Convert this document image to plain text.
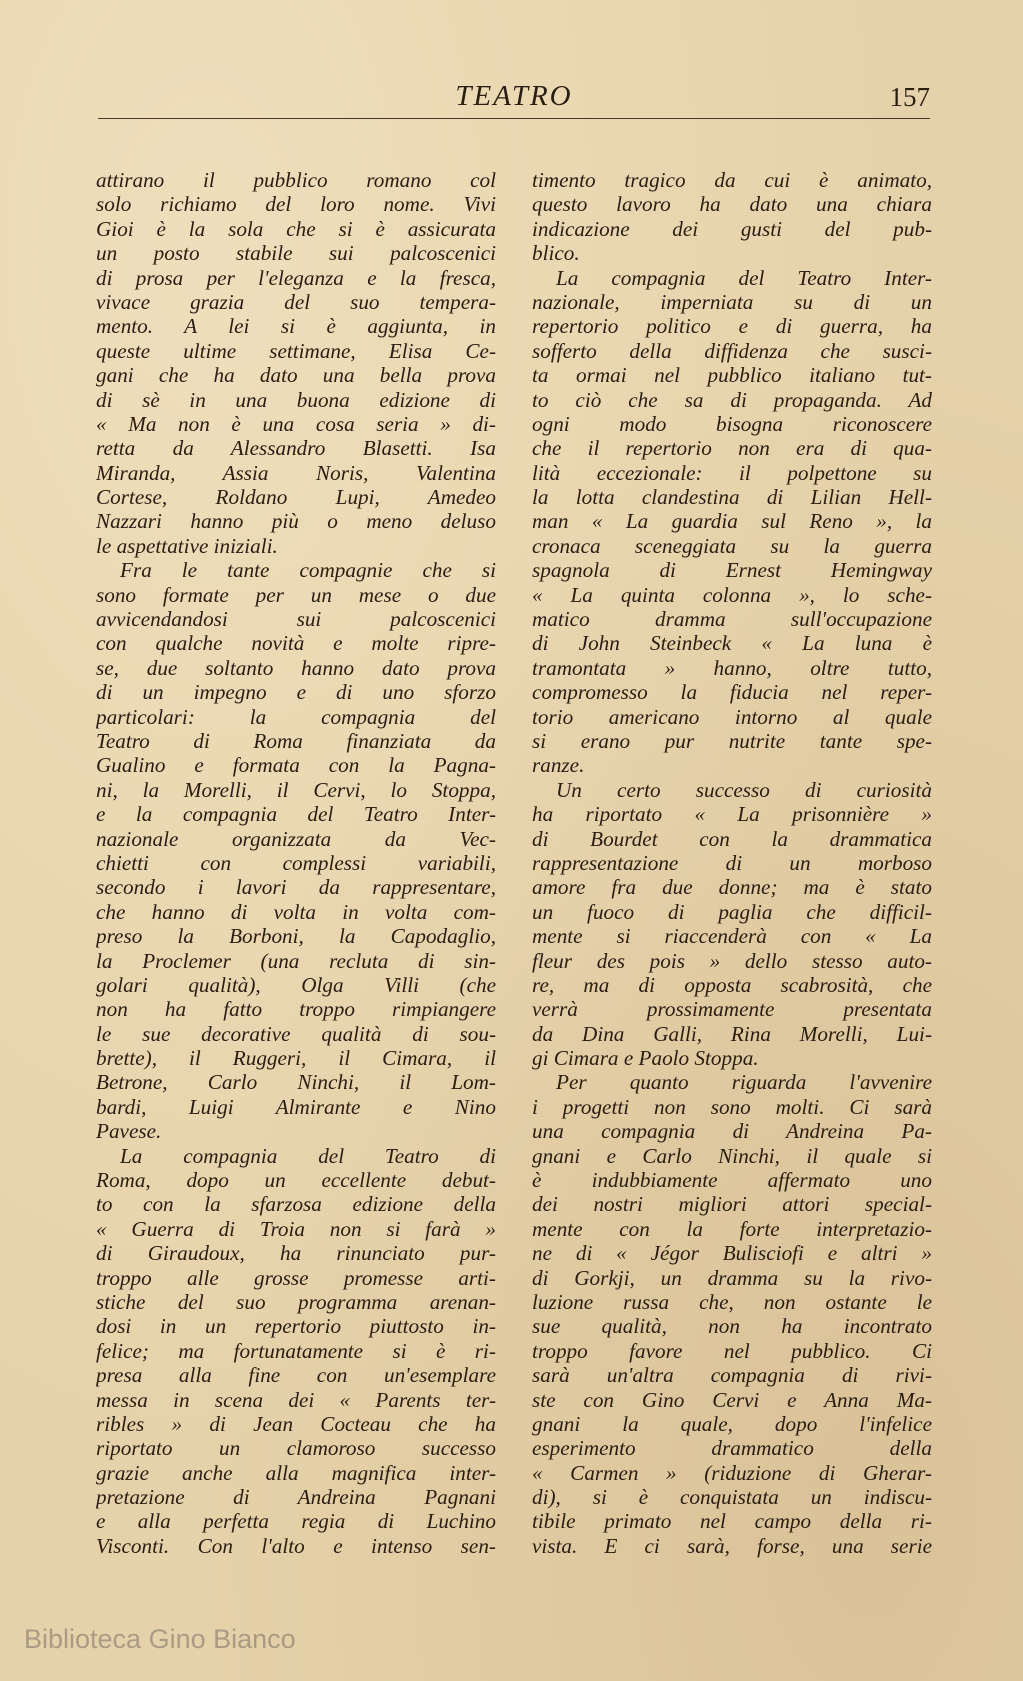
TEATRO	157
attirano il pubblico romano col
solo richiamo del loro nome. Vivi
Gioi è la sola che si è assicurata
un posto stabile sui palcoscenici
di prosa per l'eleganza e la fresca,
vivace grazia del suo tempera-
mento. A lei si è aggiunta, in
queste ultime settimane, Elisa Ce-
gani che ha dato una bella prova
di sè in una buona edizione di
« Ma non è una cosa seria » di-
retta da Alessandro Blasetti. Isa
Miranda, Assia Noris, Valentina
Cortese, Roldano Lupi, Amedeo
Nazzari hanno più o meno deluso
le aspettative iniziali.
Fra le tante compagnie che si
sono formate per un mese o due
avvicendandosi sui palcoscenici
con qualche novità e molte ripre-
se, due soltanto hanno dato prova
di un impegno e di uno sforzo
particolari: la compagnia del
Teatro di Roma finanziata da
Gualino e formata con la Pagna-
ni, la Morelli, il Cervi, lo Stoppa,
e la compagnia del Teatro Inter-
nazionale organizzata da Vec-
chietti con complessi variabili,
secondo i lavori da rappresentare,
che hanno di volta in volta com-
preso la Borboni, la Capodaglio,
la Proclemer (una recluta di sin-
golari qualità), Olga Villi (che
non ha fatto troppo rimpiangere
le sue decorative qualità di sou-
brette), il Ruggeri, il Cimara, il
Betrone, Carlo Ninchi, il Lom-
bardi, Luigi Almirante e Nino
Pavese.
La compagnia del Teatro di
Roma, dopo un eccellente debut-
to con la sfarzosa edizione della
« Guerra di Troia non si farà »
di Giraudoux, ha rinunciato pur-
troppo alle grosse promesse arti-
stiche del suo programma arenan-
dosi in un repertorio piuttosto in-
felice; ma fortunatamente si è ri-
presa alla fine con un'esemplare
messa in scena dei « Parents ter-
ribles » di Jean Cocteau che ha
riportato un clamoroso successo
grazie anche alla magnifica inter-
pretazione di Andreina Pagnani
e alla perfetta regia di Luchino
Visconti. Con l'alto e intenso sen-
timento tragico da cui è animato,
questo lavoro ha dato una chiara
indicazione dei gusti del pub-
blico.
La compagnia del Teatro Inter-
nazionale, imperniata su di un
repertorio politico e di guerra, ha
sofferto della diffidenza che susci-
ta ormai nel pubblico italiano tut-
to ciò che sa di propaganda. Ad
ogni modo bisogna riconoscere
che il repertorio non era di qua-
lità eccezionale: il polpettone su
la lotta clandestina di Lilian Hell-
man « La guardia sul Reno », la
cronaca sceneggiata su la guerra
spagnola di Ernest Hemingway
« La quinta colonna », lo sche-
matico dramma sull'occupazione
di John Steinbeck « La luna è
tramontata » hanno, oltre tutto,
compromesso la fiducia nel reper-
torio americano intorno al quale
si erano pur nutrite tante spe-
ranze.
Un certo successo di curiosità
ha riportato « La prisonnière »
di Bourdet con la drammatica
rappresentazione di un morboso
amore fra due donne; ma è stato
un fuoco di paglia che difficil-
mente si riaccenderà con « La
fleur des pois » dello stesso auto-
re, ma di opposta scabrosità, che
verrà prossimamente presentata
da Dina Galli, Rina Morelli, Lui-
gi Cimara e Paolo Stoppa.
Per quanto riguarda l'avvenire
i progetti non sono molti. Ci sarà
una compagnia di Andreina Pa-
gnani e Carlo Ninchi, il quale si
è indubbiamente affermato uno
dei nostri migliori attori special-
mente con la forte interpretazio-
ne di « Jégor Bulisciofi e altri »
di Gorkji, un dramma su la rivo-
luzione russa che, non ostante le
sue qualità, non ha incontrato
troppo favore nel pubblico. Ci
sarà un'altra compagnia di rivi-
ste con Gino Cervi e Anna Ma-
gnani la quale, dopo l'infelice
esperimento drammatico della
« Carmen » (riduzione di Gherar-
di), si è conquistata un indiscu-
tibile primato nel campo della ri-
vista. E ci sarà, forse, una serie
Biblioteca Gino Bianco
